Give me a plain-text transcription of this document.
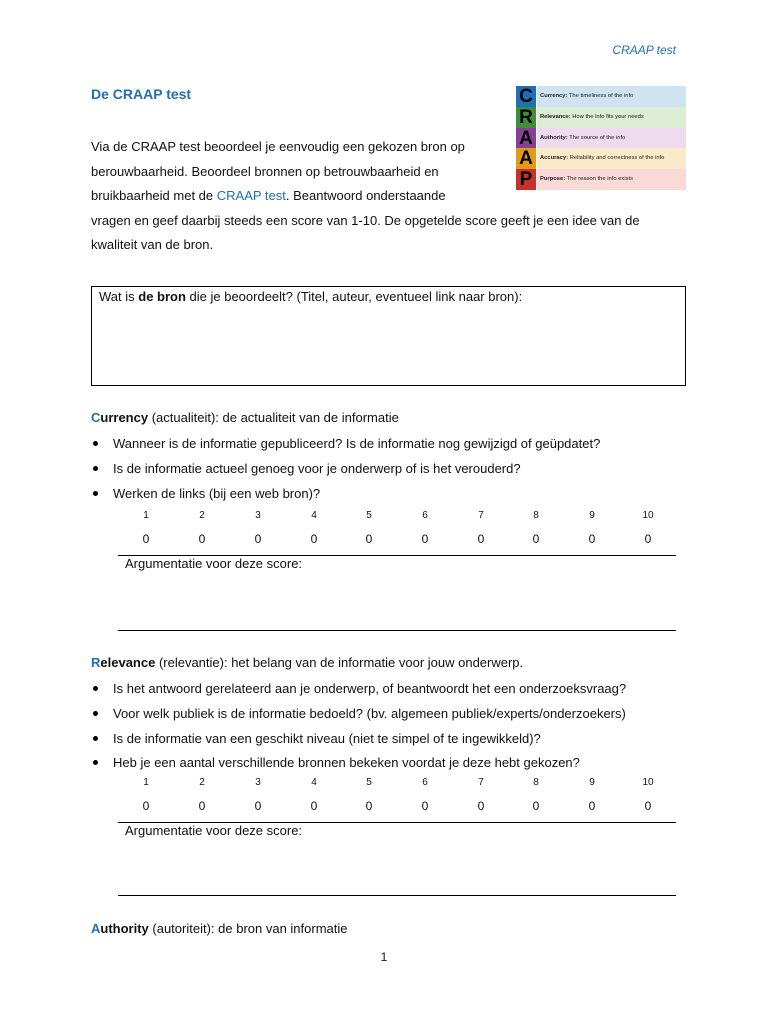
CRAAP test
De CRAAP test	C	Currency: The timeliness of the info
R	Relevance: How the info fits your needs
A	Authority: The source of the info
A	Accuracy: Reliability and correctness of the info
P	Purpose: The reason the info exists
Via de CRAAP test beoordeel je eenvoudig een gekozen bron op
berouwbaarheid. Beoordeel bronnen op betrouwbaarheid en
bruikbaarheid met de CRAAP test. Beantwoord onderstaande
vragen en geef daarbij steeds een score van 1-10. De opgetelde score geeft je een idee van de
kwaliteit van de bron.
Wat is de bron die je beoordeelt? (Titel, auteur, eventueel link naar bron):
Currency (actualiteit): de actualiteit van de informatie
Wanneer is de informatie gepubliceerd? Is de informatie nog gewijzigd of geüpdatet?
Is de informatie actueel genoeg voor je onderwerp of is het verouderd?
Werken de links (bij een web bron)?
1	2	3	4	5	6	7	8	9	10
0	0	0	0	0	0	0	0	0	0
Argumentatie voor deze score:
Relevance (relevantie): het belang van de informatie voor jouw onderwerp.
Is het antwoord gerelateerd aan je onderwerp, of beantwoordt het een onderzoeksvraag?
Voor welk publiek is de informatie bedoeld? (bv. algemeen publiek/experts/onderzoekers)
Is de informatie van een geschikt niveau (niet te simpel of te ingewikkeld)?
Heb je een aantal verschillende bronnen bekeken voordat je deze hebt gekozen?
1	2	3	4	5	6	7	8	9	10
0	0	0	0	0	0	0	0	0	0
Argumentatie voor deze score:
Authority (autoriteit): de bron van informatie
1
